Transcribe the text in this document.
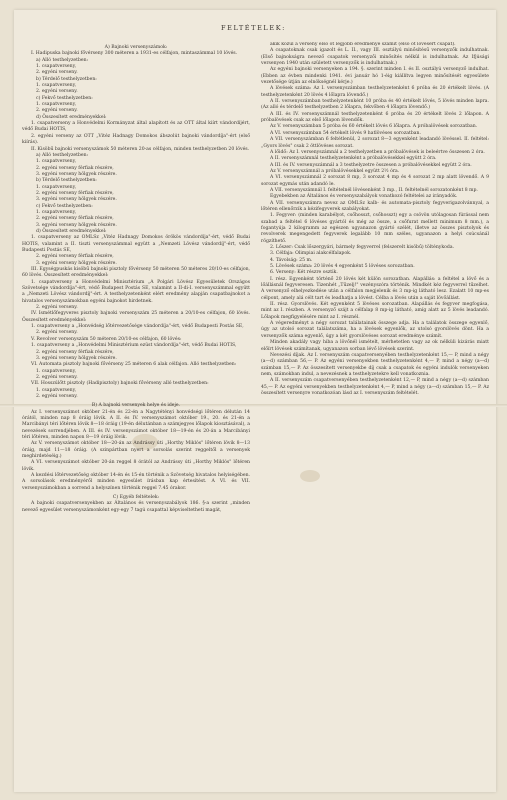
FELTÉTELEK:

A) Bajnoki versenyszámok:

I. Hadipuska bajnoki fővérseny 300 méteren a 1931-es célfajon, mintaszámmal 10 lövés.

a) Alló testhelyzetben:

1. csapatverseny,

2. egyéni verseny.

b) Térdelő testhelyzetben:

1. csapatverseny,

2. egyéni verseny.

c) Fekvő testhelyzetben:

1. csapatverseny,

2. egyéni verseny.

d) Összesített eredményekkel:

1. csapatverseny a Honvédelmi Kormányzat által alapított és az OTT által kiírt vándordíjért, védő Budai HOTIS,

2. egyéni verseny az OTT „Vitéz Hadnagy Domokos ábszolút bajnoki vándordíja"-ért (első kiírás).

II. Kisöbű bajnoki versenyszámok 50 méteren 20-as célfajon, minden testhelyzetben 20 lövés.

a) Alló testhelyzetben:

1. csapatverseny,

2. egyéni verseny férfiak részére,

3. egyéni verseny hölgyek részére.

b) Térdelő testhelyzetben:

1. csapatverseny,

2. egyéni verseny férfiak részére,

3. egyéni verseny hölgyek részére.

c) Fekvő testhelyzetben:

1. csapatverseny,

2. egyéni verseny férfiak részére,

3. egyéni verseny hölgyek részére.

d) Összesített eredményekkel:

1. csapatverseny az OMLSz „Vitéz Hadnagy Domokos örökös vándordíja"-ért, védő Budai HOTIS, valamint a II. tiszti versenyszámmal együtt a „Nemzeti Lövész vándordíj"-ért, védő Budapesti Postás SE,

2. egyéni verseny férfiak részére,

3. egyéni verseny hölgyek részére.

III. Egységpuskás kisöbű bajnoki pisztoly fővérseny 50 méteren 50 méteres 20/10-es célfajon, 60 lövés. Összesített eredményekkel:

1. csapatverseny a Honvédelmi Minisztérium „A Polgári Lövész Egyesületek Országos Szövetsége vándordíja"-ért, védő Budapest Postás SE, valamint a II-di-I. versenyszámmal együtt a „Nemzeti Lövész vándordíj"-ért. A testhelyzetenként elért eredmény alapján csapatbajnokot a hivatalos versenyszámokban egyéni bajnokot hirdetnek.

2. egyéni verseny.

IV. Ismétlőfegyveres pisztoly bajnoki versenyszám 25 méteren a 20/10-es célfajon, 60 lövés. Összesített eredményekkel:

1. csapatverseny a „Honvédség lőtérvezetősége vándordíja"-ért, védő Budapesti Postás SE,

2. egyéni verseny.

V. Revolver versenyszám 50 méteren 20/10-es célfajon, 60 lövés:

1. csapatverseny a „Honvédelmi Minisztérium ezüst vándordíja"-ért, védő Budai HOTIS,

2. egyéni verseny férfiak részére,

3. egyéni verseny hölgyek részére.

VI. Automata pisztoly bajnoki fővérseny 25 méteren 6 alak célfajon. Alló testhelyzetben:

1. csapatverseny,

2. egyéni verseny.

VII. Hosszúlőtt pisztoly (Hadipisztoly) bajnoki fővérseny alló testhelyzetben:

1. csapatverseny,

2. egyéni verseny.

B) A bajnoki versenyek helye és ideje.

Az I. versenyszámot október 21-én és 22-én a Nagytétényi honvédségi lőtéren délután 14 órától, minden nap 8 óráig lövik. A II. és IV. versenyszámot október 19., 20. és 21-én a Marcibányi téri lőtéren lövik 8—18 óráig (19-én délutánban a számjegyes lőlapok kiosztásával), a nevezések sorrendjében. A III. és IV. versenyszámot október 18—19-én és 20-án a Marcibányi téri lőtéren, minden napon 8—19 óráig lövik.

Az V. versenyszámot október 18—20-án az Andrássy úti „Horthy Miklós" lőtéren lövik 8—13 óráig, majd 11—18 óráig. (A szinpártban nyert a sorsolás szerint reggeltől a versenyek meghirdetéséig.)

A VI. versenyszámot október 20-án reggel 8 órától az Andrássy úti „Horthy Miklós" lőtéren lövik.

A kezdési lőtérvezetőség október 14-én és 15-én történik a Szövetség hivatalos helyiségében. A sorsolások eredményéről minden egyesület írásban kap értesítést. A VI. és VII. versenyszámokban a sorrend a helyszínen történik reggel 7.45 órakor.

C) Egyéb feltételek:

A bajnoki csapatversenyekben az Általános és versenyszabályok 186. §-a szerint „minden nevező egyesület versenyszámonként egy-egy 7 tagú csapattal képviseltetheti magát,

akik közül a verseny első öt legjobb eredménye számít (első öt lövésért csapat).

A csapatoknak csak igazolt és L. II., vagy III. osztályú minősítésű versenyzők indulhatnak. (Első bajnokságra nevező csapatok versenyzői minősítés nélkül is indulhatnak. Az Ifjúsági versenyen 1940 után született versenyzők is indulhatnak.)

Az egyéni bajnoki versenyeken a 194. §. szerint minden I. és II. osztályú versenyző indulhat. (Ebben az évben mindenki 1941. évi január hó 1-éig kiállítva legyen minősítését egyesülete vezetősége útján az elnökségnél kérje.)

A lövések száma: Az I. versenyszámban testhelyzetenként 6 próba és 20 értékelt lövés. (A testhelyzetenként 20 lövés 4 lőlapra lövendő.)

A II. versenyszámban testhelyzetenként 10 próba és 40 értékelt lövés, 5 lövés minden lapra. (Az alló és térdelő testhelyzetben 2 lőlapra, fekvőben 4 lőlapra lövendő.)

A III. és IV. versenyszámnál testhelyzetenként 6 próba és 20 értékelt lövés 2 lőlapon. A próbalövések csak az első lőlapon lövendők.

Az V. versenyszámban 5 próba és 60 értékelt lövés 6 lőlapra. A próbalövések sorozatban.

A VI. versenyszámban 54 értékelt lövés 9 hatlövéses sorozatban.

A VII. versenyszámban 6 feltétlenül, 2 sorozat 8—3 egyenként leadandó lövéssel. II. feltétel: „Gyors lövés" csak 2 öttlövéses sorozat.

A lőidő: Az I. versenyszámnál a 2 testhelyzetben a próbalövések is beleértve összesen 2 óra.

A II. versenyszámnál testhelyzetenként a próbalövésekkel együtt 2 óra.

A III. és IV. versenyszámnál a 3 testhelyzetre összesen a próbalövésekkel együtt 2 óra.

Az V. versenyszámnál a próbalövésekkel együtt 2½ óra.

A VI. versenyszámnál 2 sorozat 8 mp, 3 sorozat 4 mp és 4 sorozat 2 mp alatt lövendő. A 9 sorozat egymás után adandó le.

A VII. versenyszámnál I. feltételnél lövésenként 3 mp., II. feltételnél sorozatonként 8 mp.

Egyebekben az Általános és versenyszabályok vonatkozó feltételei az irányadók.

A VII. versenyszámra nevez az OMLSz kalb- és automata-pisztoly fegyverigazolvánnyal, a lőtéren ellenőrzik a kézifegyverek szabályokat.

1. Fegyver: (minden karabélyot, csőhosszt, csőhosszt) egy a csövön utólagosan fúrással nem szabad a feltétel 6 lövéses gyártól és még az össze, a csőfurat mellett minimum 8 mm.), a fogantyúja 2 kilogramm az egészen ugyanazon gyártó szélét, illetve az összes pisztolyok és revolverek megengedett fegyverek legalább 10 mm széles, ugyanazon a helyi csúcsánál rögzíthető.

2. Lőszer: Csak lőszergyári, bármely fegyverrel (felszerelt kisöbű) tölténykoda.

3. Célfaja: Olimpiai alakcélfalapok.

4. Távolság: 25 m.

5. Lövések száma: 20 lövés 4 egyenként 5 lövéses sorozatban.

6. Verseny: Két részre osztik.

I. rész. Egyenként történő 20 lövés két külön sorozatban. Alapállás: a feltétel a lövő és a lőállásnál fegyveresen. Tizenhét „Tűzelj!" vezényszóra történik. Mindkét kéz fegyverrel tűzelhet. A versenyző elhelyezkedése után a célfalon megjelenik és 3 mp-ig látható lesz. Ezalatt 10 mp-es célpont, amely alá célt tart és leadhatja a lövést. Célba a lövés után a saját lövőállást.

II. rész. Gyorslövés. Két egyenként 5 lövéses sorozatban. Alapállás és fegyver megfogása, mint az I. részben. A versenyző szájt a célfalap 8 mp-ig látható, amíg alatt az 5 lövés leadandó. Lőlapok megfigyelésére mint az I. résznél.

A végeredményt a négy sorozat találatainak összege adja. Ha a találatok összege egyenlő, úgy az utolsó sorozat találatszáma, ha a lövések egyenlők, az utolsó gyorslövés dönt. Ha a versenyzők száma egyenlő, úgy a két gyorslövéses sorozat eredménye számít.

Minden akadály vagy hiba a lövőnél ismételt, mérhetetlen vagy az ok nélküli kizárás miatt előírt lövések számítanak, ugyanazon sorban lévő lövések szerint.

Nevezési díjak. Az I. versenyszám csapatversenyében testhelyzetenként 15,— P, mind a négy (a—d) számban 56,— P. Az egyéni versenyekben testhelyzetenként 4,— P, mind a négy (a—d) számban 15,— P. Az összesített versenyekbe díj csak a csapatok és egyéni indulók versenyeken nem, számokban indul, a nevezésnek a testhelyzetekre kell vonatkoznia.

A II. versenyszám csapatversenyében testhelyzetenként 12,— P, mind a négy (a—d) számban 45,— P. Az egyéni versenyekben testhelyzetenként 4,— P, mind a négy (a—d) számban 15,— P. Az összesített versenyre vonatkozóan lásd az I. versenyszám feltételét.
